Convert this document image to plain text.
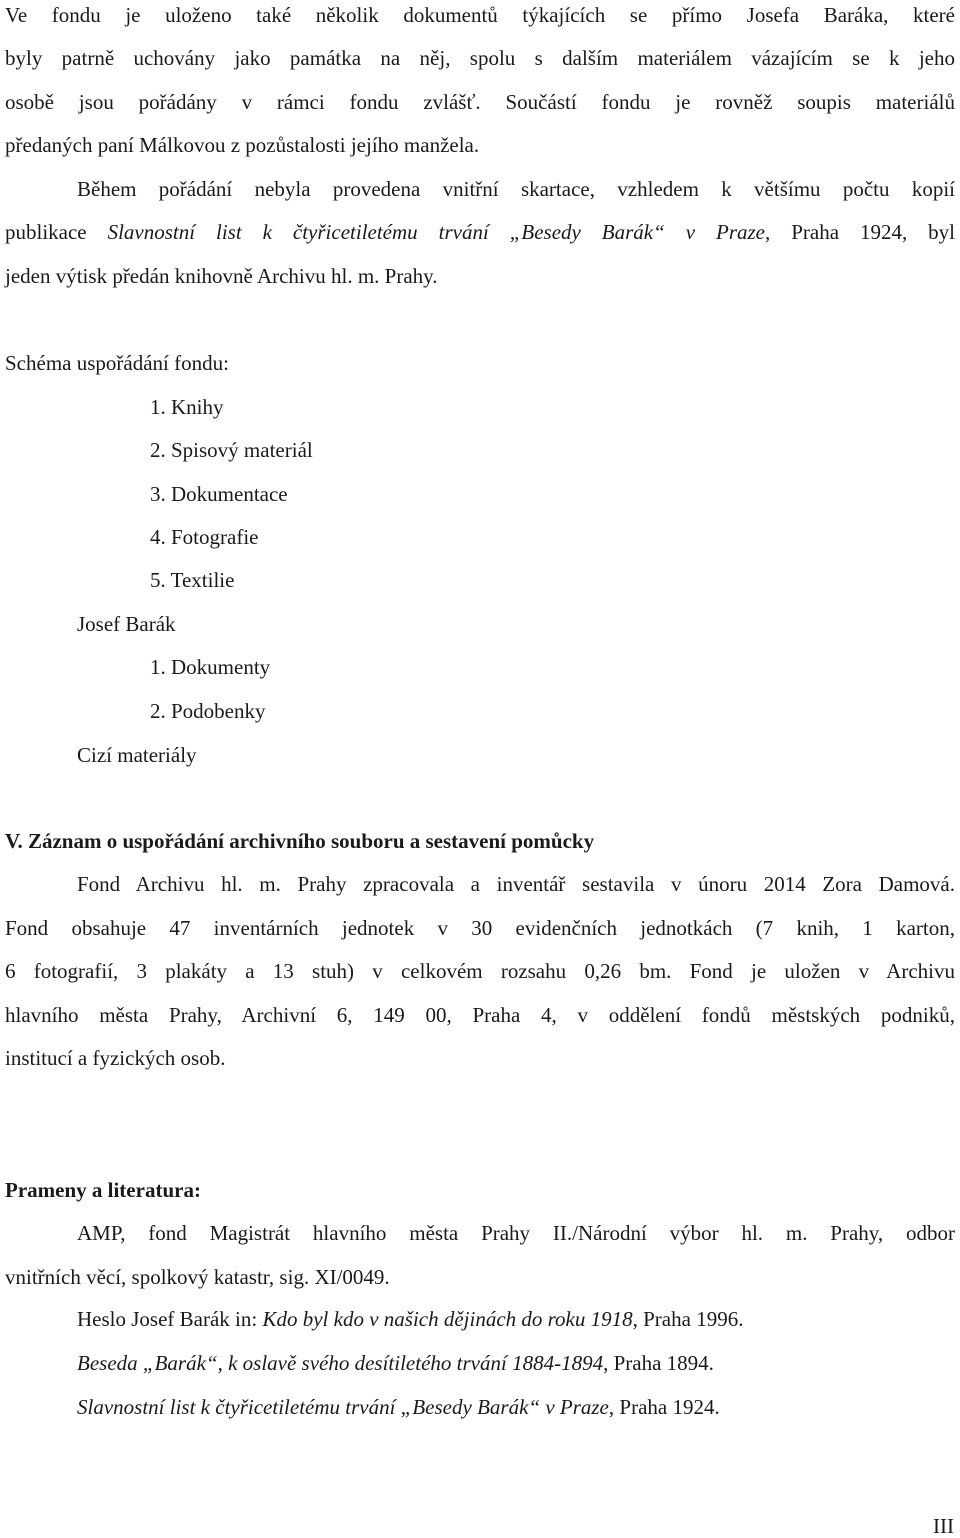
Ve fondu je uloženo také několik dokumentů týkajících se přímo Josefa Baráka, které
byly patrně uchovány jako památka na něj, spolu s dalším materiálem vázajícím se k jeho
osobě jsou pořádány v rámci fondu zvlášť. Součástí fondu je rovněž soupis materiálů
předaných paní Málkovou z pozůstalosti jejího manžela.
Během pořádání nebyla provedena vnitřní skartace, vzhledem k většímu počtu kopií
publikace Slavnostní list k čtyřicetiletému trvání „Besedy Barák“ v Praze, Praha 1924, byl
jeden výtisk předán knihovně Archivu hl. m. Prahy.
Schéma uspořádání fondu:
1. Knihy
2. Spisový materiál
3. Dokumentace
4. Fotografie
5. Textilie
Josef Barák
1. Dokumenty
2. Podobenky
Cizí materiály
V. Záznam o uspořádání archivního souboru a sestavení pomůcky
Fond Archivu hl. m. Prahy zpracovala a inventář sestavila v únoru 2014 Zora Damová.
Fond obsahuje 47 inventárních jednotek v 30 evidenčních jednotkách (7 knih, 1 karton,
6 fotografií, 3 plakáty a 13 stuh) v celkovém rozsahu 0,26 bm. Fond je uložen v Archivu
hlavního města Prahy, Archivní 6, 149 00, Praha 4, v oddělení fondů městských podniků,
institucí a fyzických osob.
Prameny a literatura:
AMP, fond Magistrát hlavního města Prahy II./Národní výbor hl. m. Prahy, odbor
vnitřních věcí, spolkový katastr, sig. XI/0049.
Heslo Josef Barák in: Kdo byl kdo v našich dějinách do roku 1918, Praha 1996.
Beseda „Barák“, k oslavě svého desítiletého trvání 1884-1894, Praha 1894.
Slavnostní list k čtyřicetiletému trvání „Besedy Barák“ v Praze, Praha 1924.
III
